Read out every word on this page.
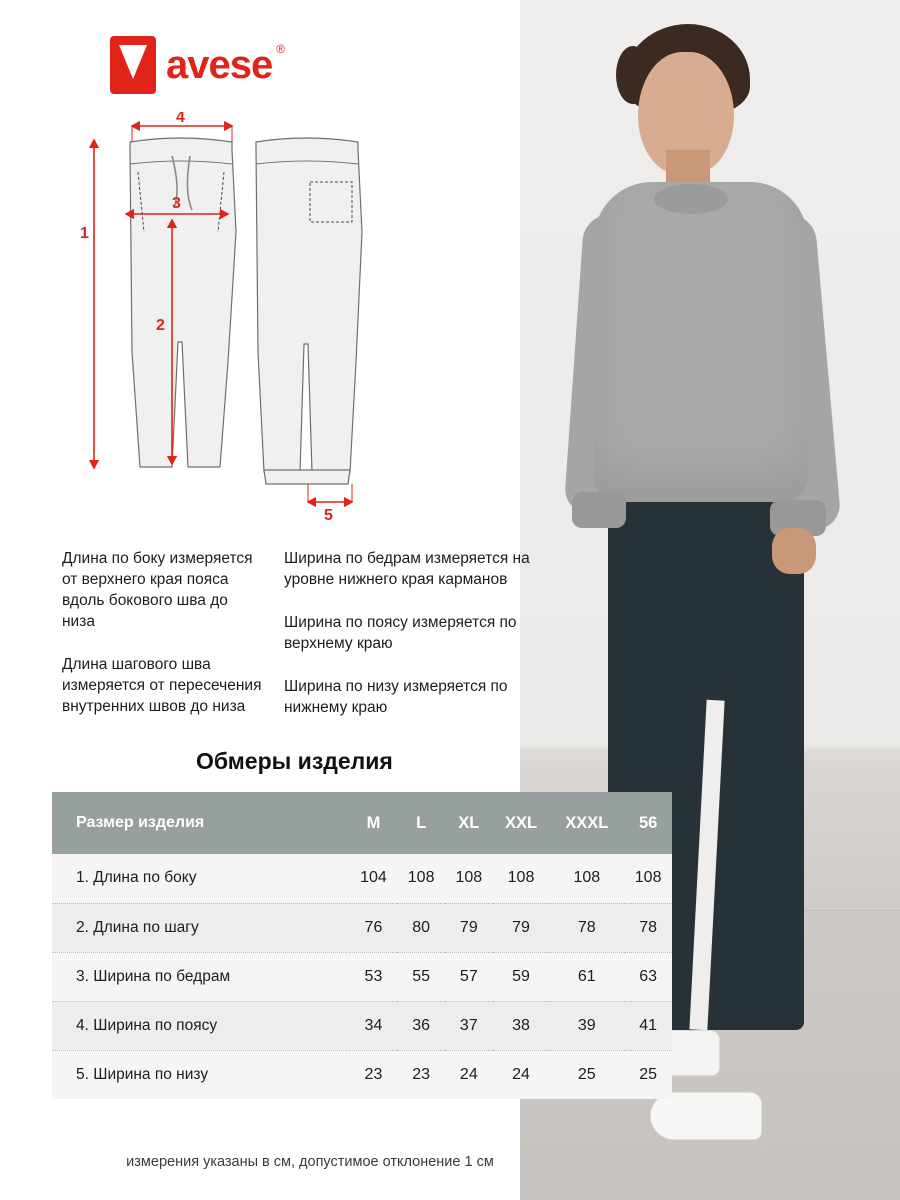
avese ®
4
1
3
2
5

Длина по боку измеряется от верхнего края пояса вдоль бокового шва до низа

Длина шагового шва измеряется от пересечения внутренних швов до низа

Ширина по бедрам измеряется на уровне нижнего края карманов

Ширина по поясу измеряется по верхнему краю

Ширина по низу измеряется по нижнему краю

Обмеры изделия
Размер изделия	M	L	XL	XXL	XXXL	56
1. Длина по боку	104	108	108	108	108	108
2. Длина по шагу	76	80	79	79	78	78
3. Ширина по бедрам	53	55	57	59	61	63
4. Ширина по поясу	34	36	37	38	39	41
5. Ширина по низу	23	23	24	24	25	25
измерения указаны в см, допустимое отклонение 1 см
